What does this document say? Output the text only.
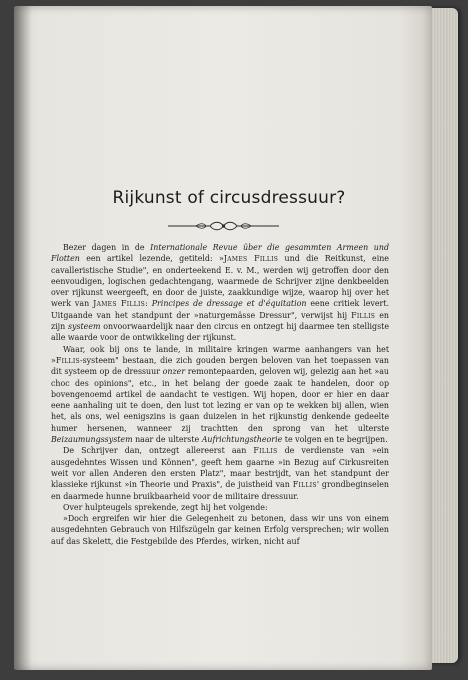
Rijkunst of circusdressuur?

Bezer dagen in de Internationale Revue über die gesammten Armeen und Flotten een artikel lezende, getiteld: »James Fillis und die Reitkunst, eine cavalleristische Studie", en onderteekend E. v. M., werden wij getroffen door den eenvoudigen, logischen gedachtengang, waarmede de Schrijver zijne denkbeelden over rijkunst weergeeft, en door de juiste, zaakkundige wijze, waarop hij over het werk van James Fillis: Principes de dressage et d'équitation eene critiek levert. Uitgaande van het standpunt der »naturgemässe Dressur", verwijst hij Fillis en zijn systeem onvoorwaardelijk naar den circus en ontzegt hij daarmee ten stelligste alle waarde voor de ontwikkeling der rijkunst.

Waar, ook bij ons te lande, in militaire kringen warme aanhangers van het »Fillis-systeem" bestaan, die zich gouden bergen beloven van het toepassen van dit systeem op de dressuur onzer remontepaarden, geloven wij, gelezig aan het »au choc des opinions", etc., in het belang der goede zaak te handelen, door op bovengenoemd artikel de aandacht te vestigen. Wij hopen, door er hier en daar eene aanhaling uit te doen, den lust tot lezing er van op te wekken bij allen, wien het, als ons, wel eenigszins is gaan duizelen in het rijkunstig denkende gedeelte humer hersenen, wanneer zij trachtten den sprong van het ulterste Beizaumungssystem naar de ulterste Aufrichtungstheorie te volgen en te begrijpen.

De Schrijver dan, ontzegt allereerst aan Fillis de verdienste van »ein ausgedehntes Wissen und Können", geeft hem gaarne »in Bezug auf Cirkusreiten weit vor allen Anderen den ersten Platz", maar bestrijdt, van het standpunt der klassieke rijkunst »in Theorie und Praxis", de juistheid van Fillis' grondbeginselen en daarmede hunne bruikbaarheid voor de militaire dressuur.

Over hulpteugels sprekende, zegt hij het volgende:

»Doch ergreifen wir hier die Gelegenheit zu betonen, dass wir uns von einem ausgedehnten Gebrauch von Hilfszügeln gar keinen Erfolg versprechen; wir wollen auf das Skelett, die Festgebilde des Pferdes, wirken, nicht auf
